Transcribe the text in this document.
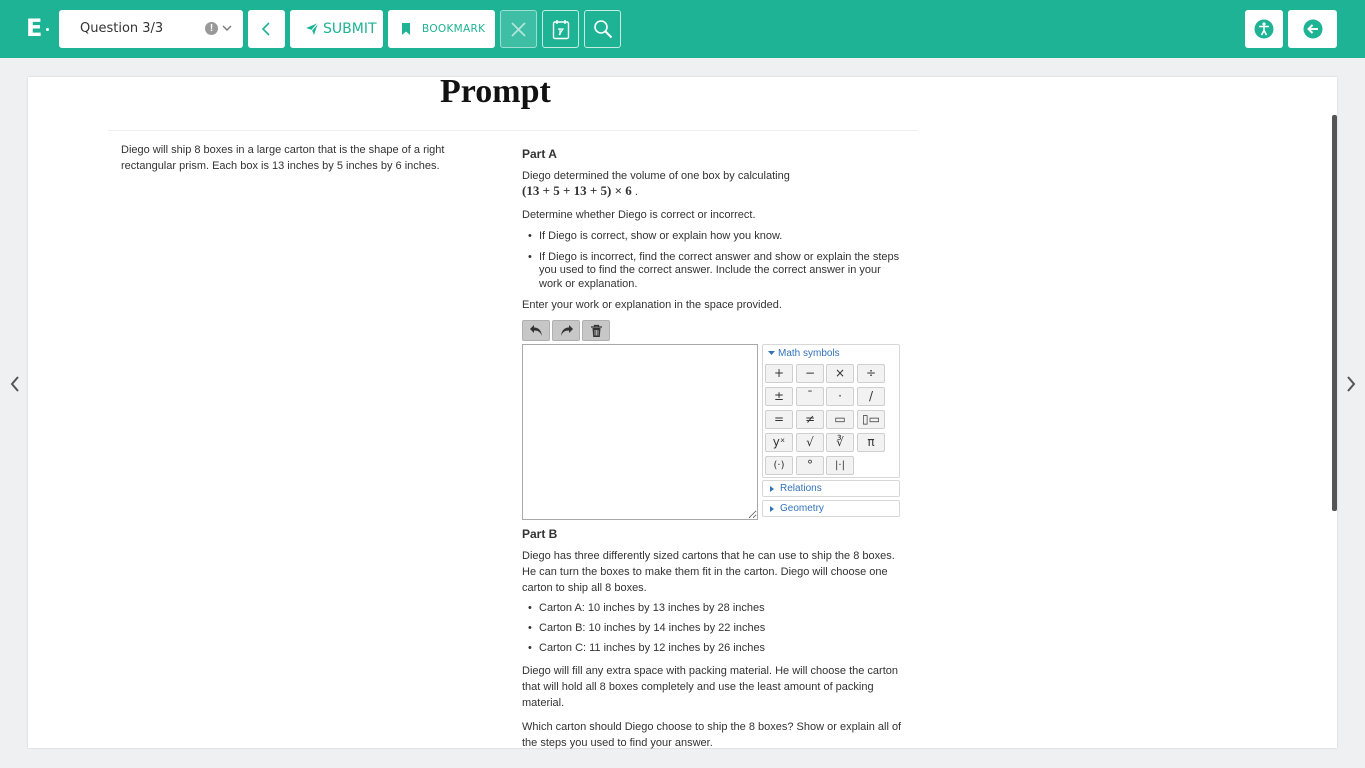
E	Question 3/3	!	SUBMIT	BOOKMARK
Prompt
Diego will ship 8 boxes in a large carton that is the shape of a right rectangular prism. Each box is 13 inches by 5 inches by 6 inches.
Part A
Diego determined the volume of one box by calculating
(13 + 5 + 13 + 5) × 6 .
Determine whether Diego is correct or incorrect.
• If Diego is correct, show or explain how you know.
• If Diego is incorrect, find the correct answer and show or explain the steps you used to find the correct answer. Include the correct answer in your work or explanation.
Enter your work or explanation in the space provided.
Math symbols
+	−	×	÷
±	¯	·	/
=	≠	▭	▯▭
yˣ	√	∛	π
(·)	°	|·|
Relations
Geometry
Part B
Diego has three differently sized cartons that he can use to ship the 8 boxes. He can turn the boxes to make them fit in the carton. Diego will choose one carton to ship all 8 boxes.
• Carton A: 10 inches by 13 inches by 28 inches
• Carton B: 10 inches by 14 inches by 22 inches
• Carton C: 11 inches by 12 inches by 26 inches
Diego will fill any extra space with packing material. He will choose the carton that will hold all 8 boxes completely and use the least amount of packing material.
Which carton should Diego choose to ship the 8 boxes? Show or explain all of the steps you used to find your answer.
